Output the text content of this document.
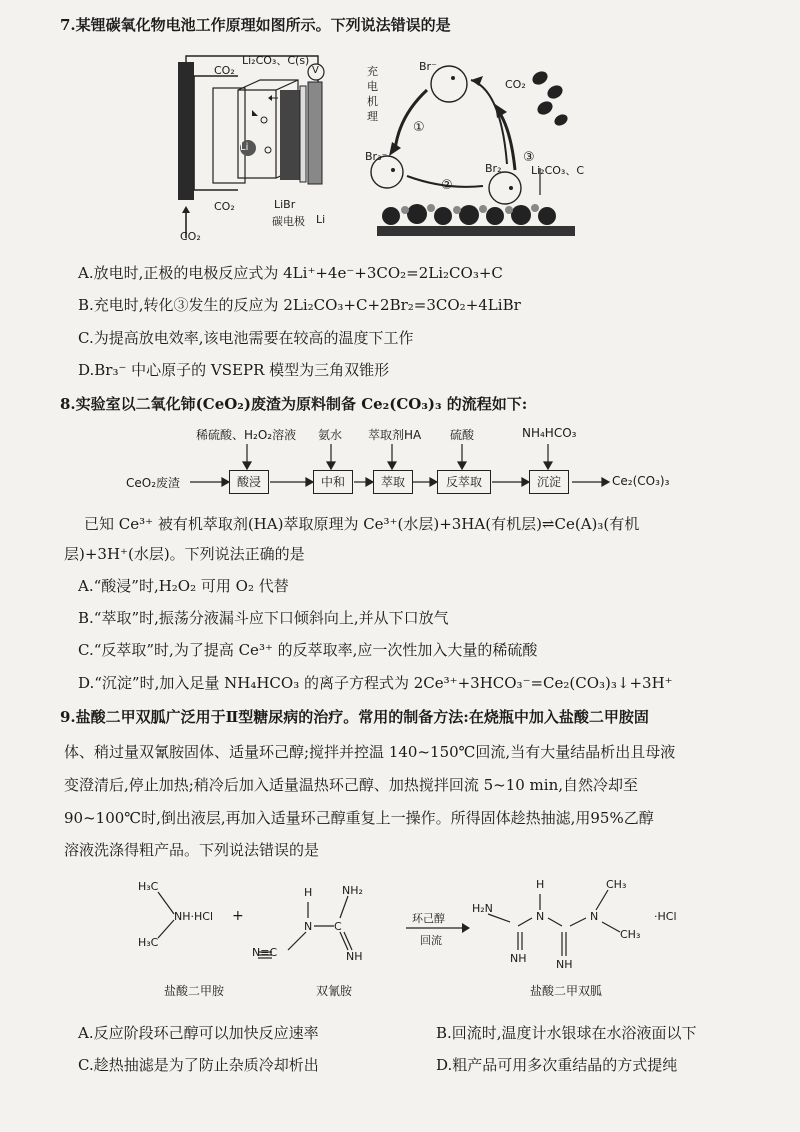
7.某锂碳氧化物电池工作原理如图所示。下列说法错误的是
CO₂
Li₂CO₃、C(s)
V
Li
CO₂	LiBr
碳电极 Li
CO₂
充电机理
Br⁻
①
Br₃⁻
②
Br₂
③
CO₂
Li₂CO₃、C
A.放电时,正极的电极反应式为 4Li⁺+4e⁻+3CO₂=2Li₂CO₃+C
B.充电时,转化③发生的反应为 2Li₂CO₃+C+2Br₂=3CO₂+4LiBr
C.为提高放电效率,该电池需要在较高的温度下工作
D.Br₃⁻ 中心原子的 VSEPR 模型为三角双锥形
8.实验室以二氧化铈(CeO₂)废渣为原料制备 Ce₂(CO₃)₃ 的流程如下:
稀硫酸、H₂O₂溶液 氨水 萃取剂HA 硫酸	NH₄HCO₃
CeO₂废渣	酸浸	中和	萃取	反萃取	沉淀	Ce₂(CO₃)₃
已知 Ce³⁺ 被有机萃取剂(HA)萃取原理为 Ce³⁺(水层)+3HA(有机层)⇌Ce(A)₃(有机
层)+3H⁺(水层)。下列说法正确的是
A.“酸浸”时,H₂O₂ 可用 O₂ 代替
B.“萃取”时,振荡分液漏斗应下口倾斜向上,并从下口放气
C.“反萃取”时,为了提高 Ce³⁺ 的反萃取率,应一次性加入大量的稀硫酸
D.“沉淀”时,加入足量 NH₄HCO₃ 的离子方程式为 2Ce³⁺+3HCO₃⁻=Ce₂(CO₃)₃↓+3H⁺
9.盐酸二甲双胍广泛用于Ⅱ型糖尿病的治疗。常用的制备方法:在烧瓶中加入盐酸二甲胺固
体、稍过量双氰胺固体、适量环己醇;搅拌并控温 140~150℃回流,当有大量结晶析出且母液
变澄清后,停止加热;稍冷后加入适量温热环己醇、加热搅拌回流 5~10 min,自然冷却至
90~100℃时,倒出液层,再加入适量环己醇重复上一操作。所得固体趁热抽滤,用95%乙醇
溶液洗涤得粗产品。下列说法错误的是
H₃C
NH·HCl +
H₃C
H	NH₂
N C
N≡C	NH
环己醇
回流
H
H₂N
N
NH	NH
N
CH₃
CH₃
·HCl
盐酸二甲胺	双氰胺	盐酸二甲双胍
A.反应阶段环己醇可以加快反应速率	B.回流时,温度计水银球在水浴液面以下
C.趁热抽滤是为了防止杂质冷却析出	D.粗产品可用多次重结晶的方式提纯
